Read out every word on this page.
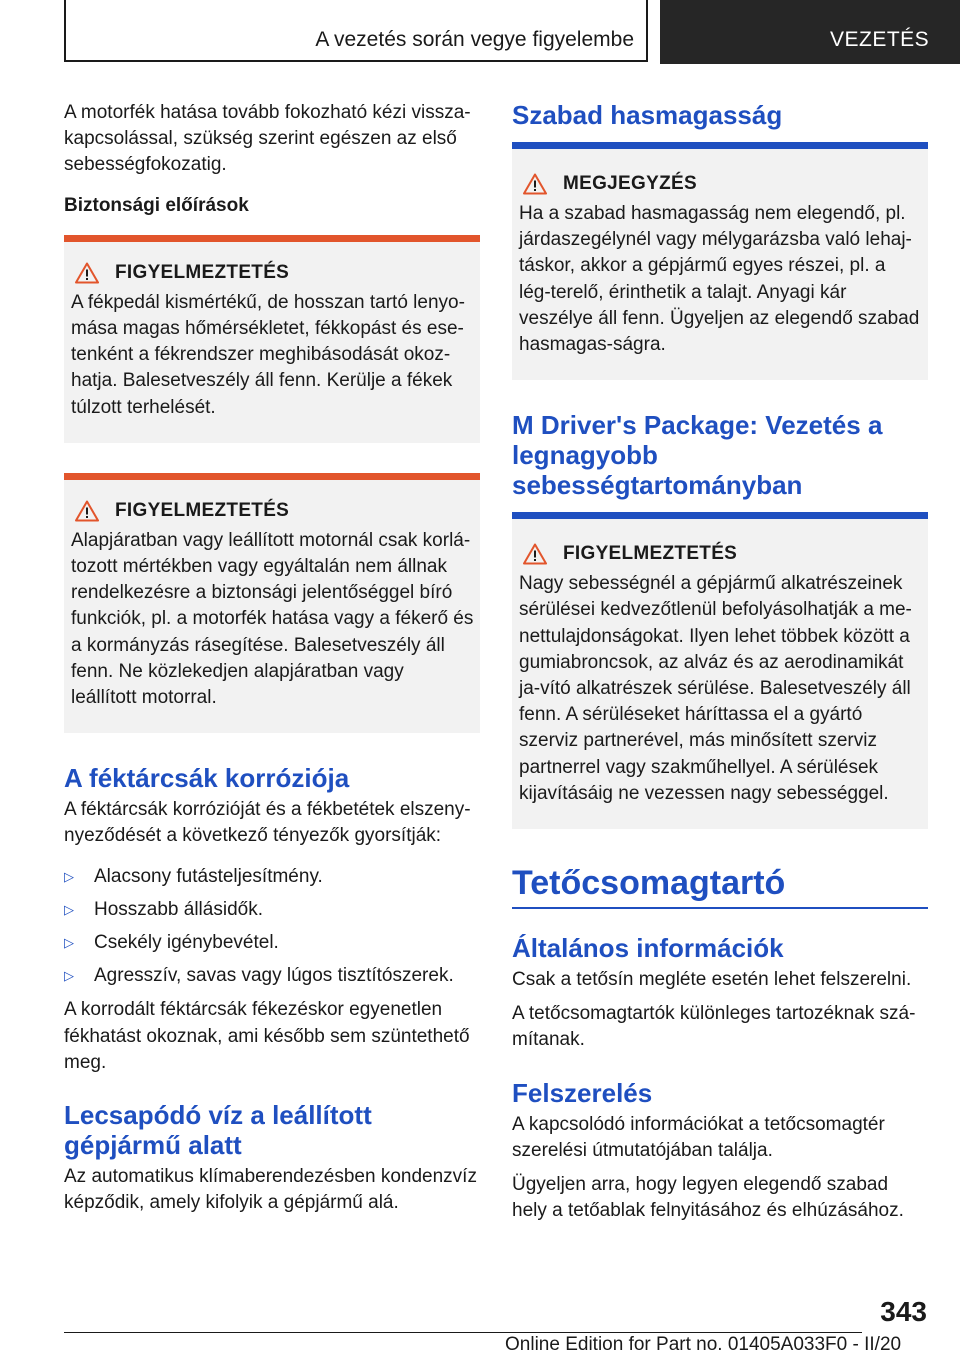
A vezetés során vegye figyelembe	VEZETÉS

A motorfék hatása tovább fokozható kézi vissza-kapcsolással, szükség szerint egészen az első sebességfokozatig.

Biztonsági előírások

FIGYELMEZTETÉS

A fékpedál kismértékű, de hosszan tartó lenyo-mása magas hőmérsékletet, fékkopást és ese-tenként a fékrendszer meghibásodását okoz-hatja. Balesetveszély áll fenn. Kerülje a fékek túlzott terhelését.

FIGYELMEZTETÉS

Alapjáratban vagy leállított motornál csak korlá-tozott mértékben vagy egyáltalán nem állnak rendelkezésre a biztonsági jelentőséggel bíró funkciók, pl. a motorfék hatása vagy a fékerő és a kormányzás rásegítése. Balesetveszély áll fenn. Ne közlekedjen alapjáratban vagy leállított motorral.

A féktárcsák korróziója

A féktárcsák korrózióját és a fékbetétek elszeny-nyeződését a következő tényezők gyorsítják:

▷	Alacsony futásteljesítmény.
▷	Hosszabb állásidők.
▷	Csekély igénybevétel.
▷	Agresszív, savas vagy lúgos tisztítószerek.

A korrodált féktárcsák fékezéskor egyenetlen fékhatást okoznak, ami később sem szüntethető meg.

Lecsapódó víz a leállított gépjármű alatt

Az automatikus klímaberendezésben kondenzvíz képződik, amely kifolyik a gépjármű alá.

Szabad hasmagasság
MEGJEGYZÉS

Ha a szabad hasmagasság nem elegendő, pl. járdaszegélynél vagy mélygarázsba való lehaj-táskor, akkor a gépjármű egyes részei, pl. a lég-terelő, érinthetik a talajt. Anyagi kár veszélye áll fenn. Ügyeljen az elegendő szabad hasmagas-ságra.

M Driver's Package: Vezetés a legnagyobb sebességtartományban
FIGYELMEZTETÉS

Nagy sebességnél a gépjármű alkatrészeinek sérülései kedvezőtlenül befolyásolhatják a me-nettulajdonságokat. Ilyen lehet többek között a gumiabroncsok, az alváz és az aerodinamikát ja-vító alkatrészek sérülése. Balesetveszély áll fenn. A sérüléseket háríttassa el a gyártó szerviz partnerével, más minősített szerviz partnerrel vagy szakműhellyel. A sérülések kijavításáig ne vezessen nagy sebességgel.

Tetőcsomagtartó
Általános információk

Csak a tetősín megléte esetén lehet felszerelni.

A tetőcsomagtartók különleges tartozéknak szá-mítanak.

Felszerelés

A kapcsolódó információkat a tetőcsomagtér szerelési útmutatójában találja.

Ügyeljen arra, hogy legyen elegendő szabad hely a tetőablak felnyitásához és elhúzásához.

343
Online Edition for Part no. 01405A033F0 - II/20
